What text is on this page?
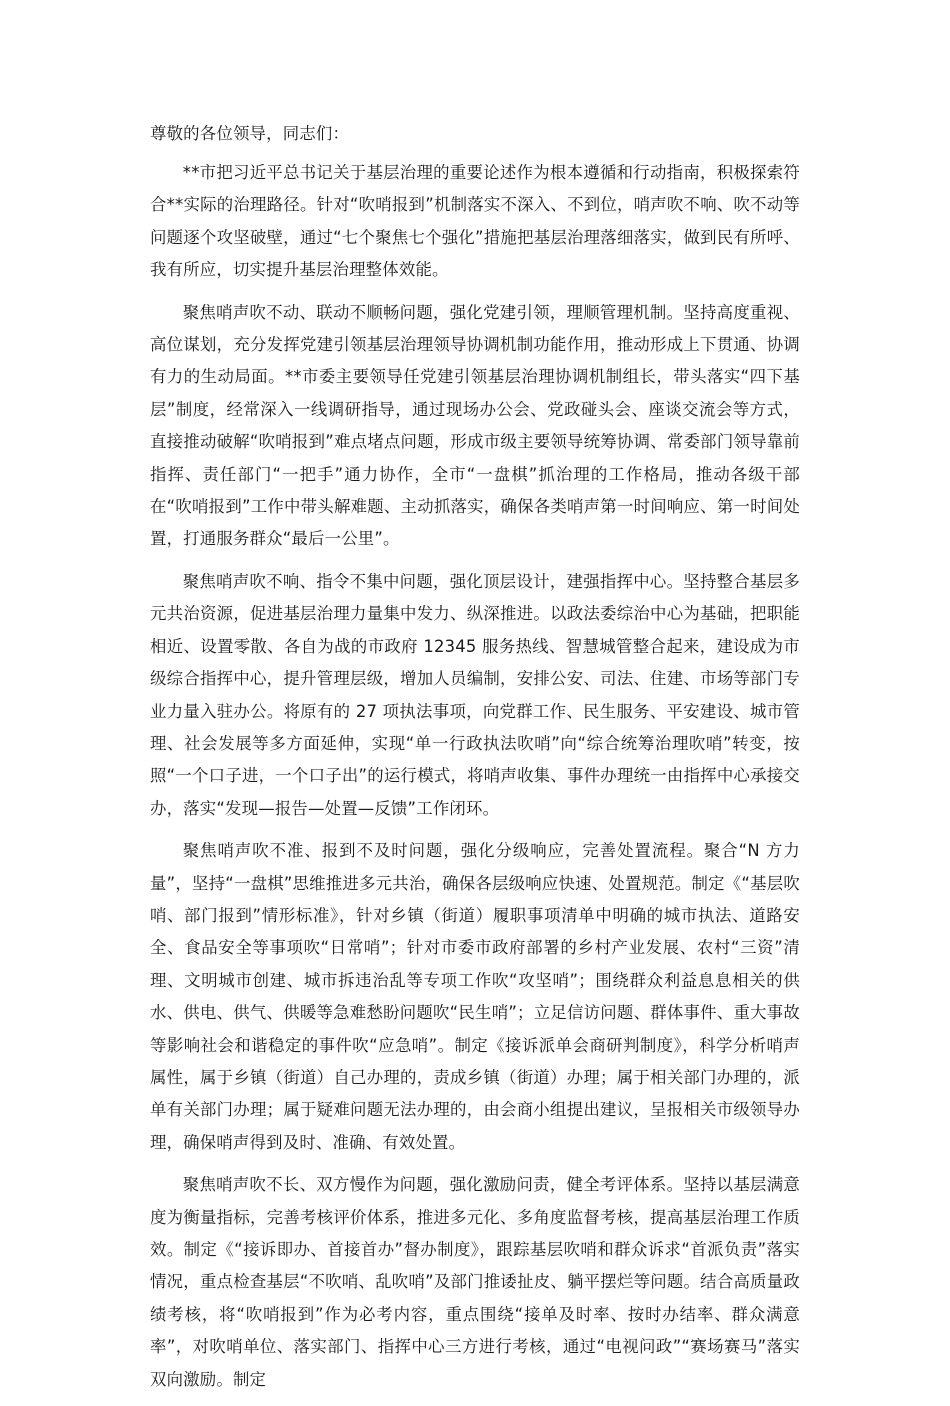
尊敬的各位领导，同志们：

**市把习近平总书记关于基层治理的重要论述作为根本遵循和行动指南，积极探索符合**实际的治理路径。针对“吹哨报到”机制落实不深入、不到位，哨声吹不响、吹不动等问题逐个攻坚破壁，通过“七个聚焦七个强化”措施把基层治理落细落实，做到民有所呼、我有所应，切实提升基层治理整体效能。

聚焦哨声吹不动、联动不顺畅问题，强化党建引领，理顺管理机制。坚持高度重视、高位谋划，充分发挥党建引领基层治理领导协调机制功能作用，推动形成上下贯通、协调有力的生动局面。**市委主要领导任党建引领基层治理协调机制组长，带头落实“四下基层”制度，经常深入一线调研指导，通过现场办公会、党政碰头会、座谈交流会等方式，直接推动破解“吹哨报到”难点堵点问题，形成市级主要领导统筹协调、常委部门领导靠前指挥、责任部门“一把手”通力协作，全市“一盘棋”抓治理的工作格局，推动各级干部在“吹哨报到”工作中带头解难题、主动抓落实，确保各类哨声第一时间响应、第一时间处置，打通服务群众“最后一公里”。

聚焦哨声吹不响、指令不集中问题，强化顶层设计，建强指挥中心。坚持整合基层多元共治资源，促进基层治理力量集中发力、纵深推进。以政法委综治中心为基础，把职能相近、设置零散、各自为战的市政府 12345 服务热线、智慧城管整合起来，建设成为市级综合指挥中心，提升管理层级，增加人员编制，安排公安、司法、住建、市场等部门专业力量入驻办公。将原有的 27 项执法事项，向党群工作、民生服务、平安建设、城市管理、社会发展等多方面延伸，实现“单一行政执法吹哨”向“综合统筹治理吹哨”转变，按照“一个口子进，一个口子出”的运行模式，将哨声收集、事件办理统一由指挥中心承接交办，落实“发现—报告—处置—反馈”工作闭环。

聚焦哨声吹不准、报到不及时问题，强化分级响应，完善处置流程。聚合“N 方力量”，坚持“一盘棋”思维推进多元共治，确保各层级响应快速、处置规范。制定《“基层吹哨、部门报到”情形标准》，针对乡镇（街道）履职事项清单中明确的城市执法、道路安全、食品安全等事项吹“日常哨”；针对市委市政府部署的乡村产业发展、农村“三资”清理、文明城市创建、城市拆违治乱等专项工作吹“攻坚哨”；围绕群众利益息息相关的供水、供电、供气、供暖等急难愁盼问题吹“民生哨”；立足信访问题、群体事件、重大事故等影响社会和谐稳定的事件吹“应急哨”。制定《接诉派单会商研判制度》，科学分析哨声属性，属于乡镇（街道）自己办理的，责成乡镇（街道）办理；属于相关部门办理的，派单有关部门办理；属于疑难问题无法办理的，由会商小组提出建议，呈报相关市级领导办理，确保哨声得到及时、准确、有效处置。

聚焦哨声吹不长、双方慢作为问题，强化激励问责，健全考评体系。坚持以基层满意度为衡量指标，完善考核评价体系，推进多元化、多角度监督考核，提高基层治理工作质效。制定《“接诉即办、首接首办”督办制度》，跟踪基层吹哨和群众诉求“首派负责”落实情况，重点检查基层“不吹哨、乱吹哨”及部门推诿扯皮、躺平摆烂等问题。结合高质量政绩考核，将“吹哨报到”作为必考内容，重点围绕“接单及时率、按时办结率、群众满意率”，对吹哨单位、落实部门、指挥中心三方进行考核，通过“电视问政”“赛场赛马”落实双向激励。制定
